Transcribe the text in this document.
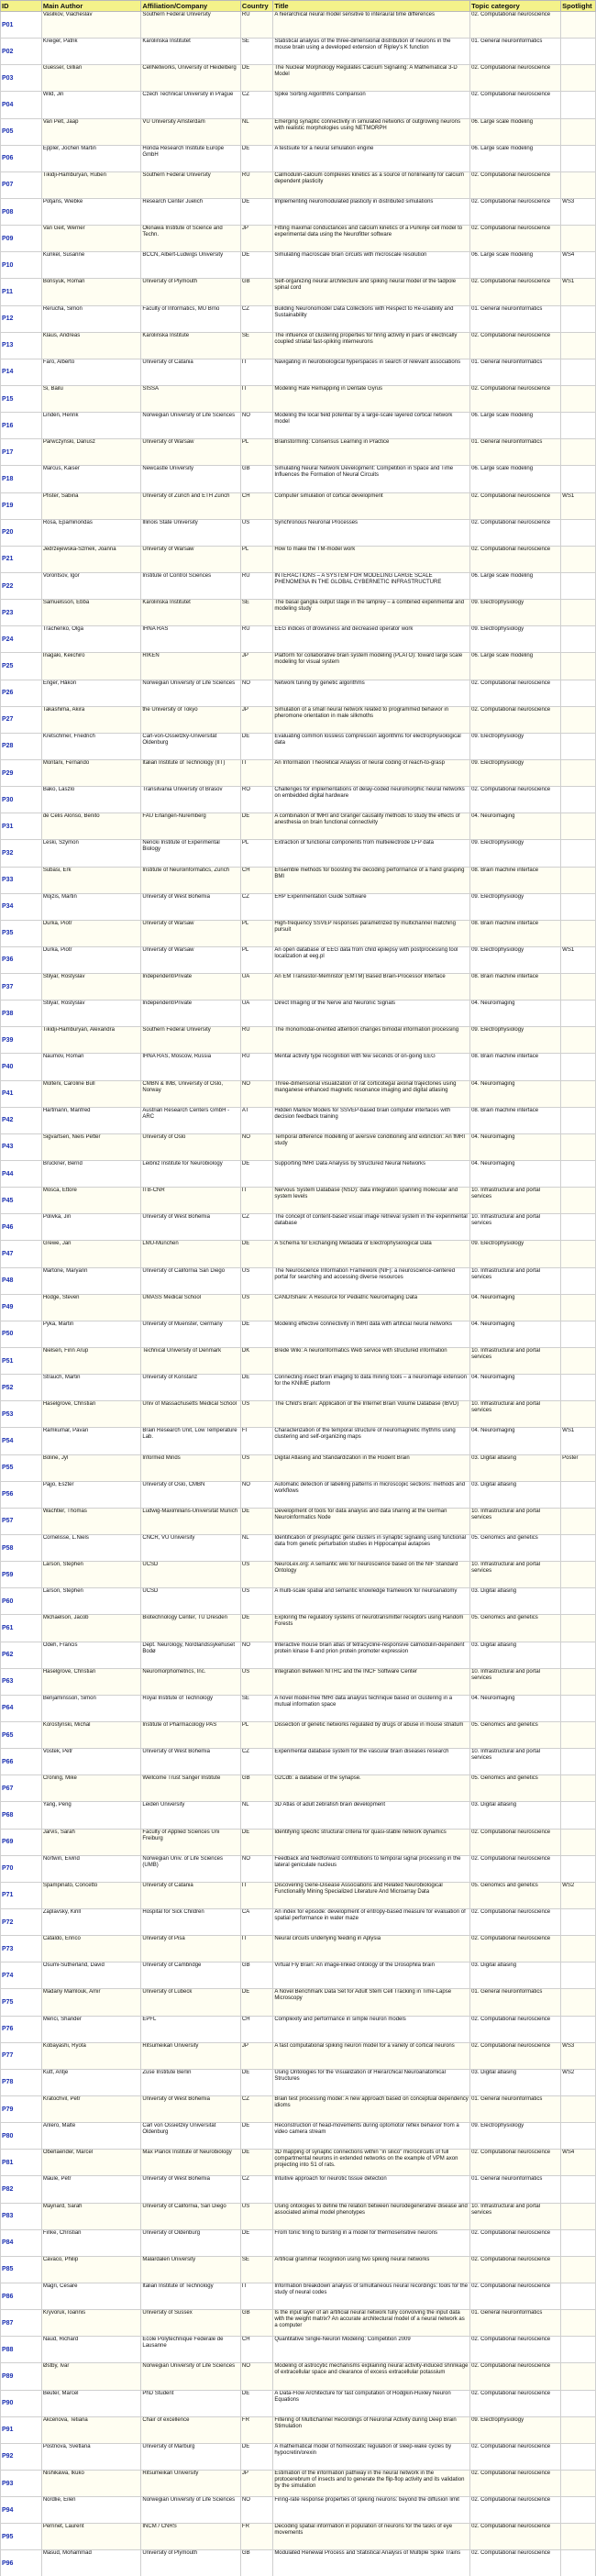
ID	Main Author	Affiliation/Company	Country	Title	Topic category	Spotlight

P01	Vasilkov, Viacheslav	Southern Federal University	RU	A hierarchical neural model sensitive to interaural time differences	02. Computational neuroscience	

P02	Kreiger, Patrik	Karolinska Institutet	SE	Statistical analysis of the three-dimensional distribution of neurons in the mouse brain using a developed extension of Ripley's K function	01. General neuroinformatics	

P03	Guesser, Gillian	CellNetworks, University of Heidelberg	DE	The Nuclear Morphology Regulates Calcium Signaling: A Mathematical 3-D Model	02. Computational neuroscience	

P04	Wild, Jiri	Czech Technical University in Prague	CZ	Spike Sorting Algorithms Comparison	02. Computational neuroscience	

P05	Van Pelt, Jaap	VU University Amsterdam	NL	Emerging synaptic connectivity in simulated networks of outgrowing neurons with realistic morphologies using NETMORPH	06. Large scale modeling	

P06	Eppler, Jochen Martin	Honda Research Institute Europe GmbH	DE	A testsuite for a neural simulation engine	06. Large scale modeling	

P07	Tikidji-Hamburyan, Ruben	Southern Federal University	RU	Calmodulin-calcium complexes kinetics as a source of nonlinearity for calcium dependent plasticity	02. Computational neuroscience	

P08	Potjans, Wiebke	Research Center Juelich	DE	Implementing neuromodulated plasticity in distributed simulations	02. Computational neuroscience	WS3

P09	Van Geit, Werner	Okinawa Institute of Science and Techn.	JP	Fitting maximal conductances and calcium kinetics of a Purkinje cell model to experimental data using the Neurofitter software	02. Computational neuroscience	

P10	Kunkel, Susanne	BCCN, Albert-Ludwigs University	DE	Simulating macroscale brain circuits with microscale resolution	06. Large scale modeling	WS4

P11	Borisyuk, Roman	University of Plymouth	GB	Self-organizing neural architecture and spiking neural model of the tadpole spinal cord	02. Computational neuroscience	WS1

P12	Rerucha, Simon	Faculty of Informatics, MU Brno	CZ	Building Neuronomodel Data Collections with Respect to Re-usability and Sustainability	01. General neuroinformatics	

P13	Klaus, Andreas	Karolinska Institute	SE	The influence of clustering properties for firing activity in pairs of electrically coupled striatal fast-spiking interneurons	02. Computational neuroscience	

P14	Faro, Alberto	University of Catania	IT	Navigating in neurobiological hyperspaces in search of relevant associations	01. General neuroinformatics	

P15	Si, Bailu	SISSA	IT	Modeling Rate Remapping in Dentate Gyrus	02. Computational neuroscience	

P16	Lindén, Henrik	Norwegian University of Life Sciences	NO	Modeling the local field potential by a large-scale layered cortical network model	06. Large scale modeling	

P17	Parwczynski, Dariusz	University of Warsaw	PL	Brainstorming: Consensus Learning in Practice	01. General neuroinformatics	

P18	Marcus, Kaiser	Newcastle University	GB	Simulating Neural Network Development: Competition in Space and Time Influences the Formation of Neural Circuits	06. Large scale modeling	

P19	Pfister, Sabina	University of Zürich and ETH Zürich	CH	Computer simulation of cortical development	02. Computational neuroscience	WS1

P20	Rosa, Epaminondas	Illinois State University	US	Synchronous Neuronal Processes	02. Computational neuroscience	

P21	Jedrzejewska-Szmek, Joanna	University of Warsaw	PL	How to make the TM-model work	02. Computational neuroscience	

P22	Vorontsov, Igor	Institute of Control Sciences	RU	INTERACTIONS – A SYSTEM FOR MODELING LARGE SCALE PHENOMENA IN THE GLOBAL CYBERNETIC INFRASTRUCTURE	06. Large scale modeling	

P23	Samuelsson, Ebba	Karolinska Institutet	SE	The basal ganglia output stage in the lamprey – a combined experimental and modeling study	09. Electrophysiology	

P24	Trachenko, Olga	IHNA RAS	RU	EEG indices of drowsiness and decreased operator work	09. Electrophysiology	

P25	Inagaki, Keiichiro	RIKEN	JP	Platform for collaborative brain system modeling (PLATO): toward large scale modeling for visual system	06. Large scale modeling	

P26	Enger, Håkon	Norwegian University of Life Sciences	NO	Network tuning by genetic algorithms	02. Computational neuroscience	

P27	Takashima, Akira	the University of Tokyo	JP	Simulation of a small neural network related to programmed behavior in pheromone orientation in male silkmoths	02. Computational neuroscience	

P28	Kretschmer, Friedrich	Carl-von-Ossietzky-Universität Oldenburg	DE	Evaluating common lossless compression algorithms for electrophysiological data	09. Electrophysiology	

P29	Montani, Fernando	Italian Institute of Technology (IIT)	IT	An Information Theoretical Analysis of neural coding of reach-to-grasp	09. Electrophysiology	

P30	Bako, Laszlo	Transilvania University of Brasov	RO	Challenges for implementations of delay-coded neuromorphic neural networks on embedded digital hardware	02. Computational neuroscience	

P31	de Celis Alonso, Benito	FAU Erlangen-Nuremberg	DE	A combination of fMRI and Granger causality methods to study the effects of anesthesia on brain functional connectivity	04. Neuroimaging	

P32	Leski, Szymon	Nencki Institute of Experimental Biology	PL	Extraction of functional components from multielectrode LFP data	09. Electrophysiology	

P33	Subasi, Erk	Institute of Neuroinformatics, Zurich	CH	Ensemble methods for boosting the decoding performance of a hand grasping BMI	08. Brain machine interface	

P34	Mojzis, Martin	University of West Bohemia	CZ	ERP Experimentation Guide Software	09. Electrophysiology	

P35	Durka, Piotr	University of Warsaw	PL	High-frequency SSVEP responses parametrized by multichannel matching pursuit	08. Brain machine interface	

P36	Durka, Piotr	University of Warsaw	PL	An open database of EEG data from child epilepsy with postprocessing tool localization at eeg.pl	09. Electrophysiology	WS1

P37	Stilyar, Rostyslav	Independent/Private	UA	An EM Transistor-Memristor (EMTM) Based Brain-Processor Interface	08. Brain machine interface	

P38	Stilyar, Rostyslav	Independent/Private	UA	Direct Imaging of the Nerve and Neuronic Signals	04. Neuroimaging	

P39	Tikidji-Hamburyan, Alexandra	Southern Federal University	RU	The monomodal-oriented attention changes bimodal information processing	09. Electrophysiology	

P40	Naumov, Roman	IHNA RAS, Moscow, Russia	RU	Mental activity type recognition with few seconds of on-going EEG	08. Brain machine interface	

P41	Molteni, Caroline Bull	CMBN & IMB, University of Oslo, Norway	NO	Three-dimensional visualization of rat corticotegal axonal trajectories using manganese enhanced magnetic resonance imaging and digital atlasing	04. Neuroimaging	

P42	Hartmann, Manfred	Austrian Research Centers GmbH - ARC	AT	Hidden Markov Models for SSVEP-based brain computer interfaces with decision feedback training	08. Brain machine interface	

P43	Sigvartsen, Niels Petter	University of Oslo	NO	Temporal difference modelling of aversive conditioning and extinction: An fMRI study	04. Neuroimaging	

P44	Brückner, Bernd	Leibniz Institute for Neurobiology	DE	Supporting fMRI Data Analysis by Structured Neural Networks	04. Neuroimaging	

P45	Mosca, Ettore	ITB-CNR	IT	Nervous System Database (NSD): data integration spanning molecular and system levels	10. Infrastructural and portal services	

P46	Polivka, Jiri	University of West Bohemia	CZ	The concept of content-based visual image retrieval system in the experimental database	10. Infrastructural and portal services	

P47	Grewe, Jan	LMU-München	DE	A Schema for Exchanging Metadata of Electrophysiological Data	09. Electrophysiology	

P48	Martone, Maryann	University of California San Diego	US	The Neuroscience Information Framework (NIF): a neuroscience-centered portal for searching and accessing diverse resources	10. Infrastructural and portal services	

P49	Hodge, Steven	UMASS Medical School	US	CANDIShare: A Resource for Pediatric Neuroimaging Data	04. Neuroimaging	

P50	Pyka, Martin	University of Muenster, Germany	DE	Modeling effective connectivity in fMRI data with artificial neural networks	04. Neuroimaging	

P51	Nielsen, Finn Årup	Technical University of Denmark	DK	Brede Wiki: A neuroinformatics Web service with structured information	10. Infrastructural and portal services	

P52	Strauch, Martin	University of Konstanz	DE	Connecting insect brain imaging to data mining tools – a neuroimage extension for the KNIME platform	04. Neuroimaging	

P53	Haselgrove, Christian	Univ of Massachusetts Medical School	US	The Child's Brain: Application of the Internet Brain Volume Database (IBVD)	10. Infrastructural and portal services	

P54	Ramkumar, Pavan	Brain Research Unit, Low Temperature Lab.	FI	Characterization of the temporal structure of neuromagnetic rhythms using clustering and self-organizing maps	04. Neuroimaging	WS1

P55	Boline, Jyl	Informed Minds	US	Digital Atlasing and Standardization in the Rodent Brain	03. Digital atlasing	Poster

P56	Pajjo, Eszter	University of Oslo, CMBN	NO	Automatic detection of labelling patterns in microscopic sections: methods and workflows	03. Digital atlasing	

P57	Wachtler, Thomas	Ludwig-Maximilians-Universität Munich	DE	Development of tools for data analysis and data sharing at the German Neuroinformatics Node	10. Infrastructural and portal services	

P58	Cornelisse, L.Niels	CNCR, VU University	NL	Identification of presynaptic gene clusters in synaptic signaling using functional data from genetic perturbation studies in Hippocampal autapses	05. Genomics and genetics	

P59	Larson, Stephen	UCSD	US	NeuroLex.org: A semantic wiki for neuroscience based on the NIF Standard Ontology	10. Infrastructural and portal services	

P60	Larson, Stephen	UCSD	US	A multi-scale spatial and semantic knowledge framework for neuroanatomy	03. Digital atlasing	

P61	Michaelson, Jacob	Biotechnology Center, TU Dresden	DE	Exploring the regulatory systems of neurotransmitter receptors using Random Forests	05. Genomics and genetics	

P62	Odeh, Francis	Dept. Neurology, Nordlandssykehuset Bodø	NO	Interactive mouse brain atlas of tetracycline-responsive calmodulin-dependent protein kinase II-and prion protein promoter expression	03. Digital atlasing	

P63	Haselgrove, Christian	Neuromorphometrics, Inc.	US	Integration Between NITRC and the INCF Software Center	10. Infrastructural and portal services	

P64	Benjaminsson, Simon	Royal Institute of Technology	SE	A novel model-free fMRI data analysis technique based on clustering in a mutual information space	04. Neuroimaging	

P65	Korostynski, Michal	Institute of Pharmacology PAS	PL	Dissection of genetic networks regulated by drugs of abuse in mouse striatum	05. Genomics and genetics	

P66	Vostek, Petr	University of West Bohemia	CZ	Experimental database system for the vascular brain diseases research	10. Infrastructural and portal services	

P67	Croning, Mike	Wellcome Trust Sanger Institute	GB	G2Cdb: a database of the synapse.	05. Genomics and genetics	

P68	Yang, Peng	Leiden University	NL	3D Atlas of adult zebrafish brain development	03. Digital atlasing	

P69	Jarvis, Sarah	Faculty of Applied Sciences Uni Freiburg	DE	Identifying specific structural criteria for quasi-stable network dynamics	02. Computational neuroscience	

P70	Nortwin, Eivind	Norwegian Univ. of Life Sciences (UMB)	NO	Feedback and feedforward contributions to temporal signal processing in the lateral geniculate nucleus	02. Computational neuroscience	

P71	Spampinato, Concetto	University of Catania	IT	Discovering Gene-Disease Associations and Related Neurobiological Functionality Mining Specialized Literature And Microarray Data	05. Genomics and genetics	WS2

P72	Zaplavsky, Kirill	Hospital for Sick Children	CA	An index for episode: development of entropy-based measure for evaluation of spatial performance in water maze	02. Computational neuroscience	

P73	Cataldo, Enrico	University of Pisa	IT	Neural circuits underlying feeding in Aplysia	02. Computational neuroscience	

P74	Osumi-Sutherland, David	University of Cambridge	GB	Virtual Fly Brain: An image-linked ontology of the Drosophila brain	03. Digital atlasing	

P75	Madany Mamlouk, Amir	University of Lübeck	DE	A Novel Benchmark Data Set for Adult Stem Cell Tracking in Time-Lapse Microscopy	01. General neuroinformatics	

P76	Merici, Shander	EPFL	CH	Complexity and performance in simple neuron models	02. Computational neuroscience	

P77	Kobayashi, Ryota	Ritsumeikan University	JP	A fast computational spiking neuron model for a variety of cortical neurons	02. Computational neuroscience	WS3

P78	Kutt, Antje	Zuse Institute Berlin	DE	Using Ontologies for the Visualization of Hierarchical Neuroanatomical Structures	03. Digital atlasing	WS2

P79	Kratochvil, Petr	University of West Bohemia	CZ	Brain test processing model: A new approach based on conceptual dependency idioms	01. General neuroinformatics	

P80	Anlero, Malte	Carl von Ossietzky Universität Oldenburg	DE	Reconstruction of head-movements during optomotor reflex behavior from a video camera stream	09. Electrophysiology	

P81	Oberlaender, Marcel	Max Planck Institute of Neurobiology	DE	3D mapping of synaptic connections within "in silico" microcircuits of full compartmental neurons in extended networks on the example of VPM axon projecting into S1 of rats.	02. Computational neuroscience	WS4

P82	Maule, Petr	University of West Bohemia	CZ	Intuitive approach for neurotic tissue detection	01. General neuroinformatics	

P83	Maynard, Sarah	University of California, San Diego	US	Using ontologies to define the relation between neurodegenerative disease and associated animal model phenotypes	10. Infrastructural and portal services	

P84	Finke, Christian	University of Oldenburg	DE	From tonic firing to bursting in a model for thermosensitive neurons	02. Computational neuroscience	

P85	Cavaco, Philip	Malardalen University	SE	Artificial grammar recognition using two spiking neural networks	02. Computational neuroscience	

P86	Magri, Cesare	Italian Institute of Technology	IT	Information breakdown analysis of simultaneous neural recordings: tools for the study of neural codes	02. Computational neuroscience	

P87	Kryvoruk, Ioannis	University of Sussex	GB	Is the input layer of an artificial neural network fully convolving the input data with the weight matrix? An accurate architectural model of a neural network as a computer	01. General neuroinformatics	

P88	Naud, Richard	Ecole Polytechnique Federale de Lausanne	CH	Quantitative Single-Neuron Modeling: Competition 2009	02. Computational neuroscience	

P89	Østby, Ivar	Norwegian University of Life Sciences	NO	Modeling of astrocytic mechanisms explaining neural activity-induced shrinkage of extracellular space and clearance of excess extracellular potassium	02. Computational neuroscience	

P90	Beuter, Marcel	PhD Student	DE	A Data-Flow Architecture for fast computation of Hodgkin-Huxley Neuron Equations	02. Computational neuroscience	

P91	Akcenova, Tetiana	Chair of excellence	FR	Filtering of Multichannel Recordings of Neuronal Activity during Deep Brain Stimulation	09. Electrophysiology	

P92	Postnova, Svetlana	University of Marburg	DE	A mathematical model of homeostatic regulation of sleep-wake cycles by hypocretin/orexin	02. Computational neuroscience	

P93	Nishikawa, Ikuko	Ritsumeikan University	JP	Estimation of the information pathway in the neural network in the protocerebrum of insects and to generate the flip-flop activity and its validation by the simulation	02. Computational neuroscience	

P94	Nordlie, Eilen	Norwegian University of Life Sciences	NO	Firing-rate response properties of spiking neurons: beyond the diffusion limit	02. Computational neuroscience	

P95	Perrinet, Laurent	INCM / CNRS	FR	Decoding spatial information in population of neurons for the tasks of eye movements	02. Computational neuroscience	

P96	Masud, Mohammad	University of Plymouth	GB	Modulated Renewal Process and Statistical Analysis of Multiple Spike Trains	02. Computational neuroscience	
